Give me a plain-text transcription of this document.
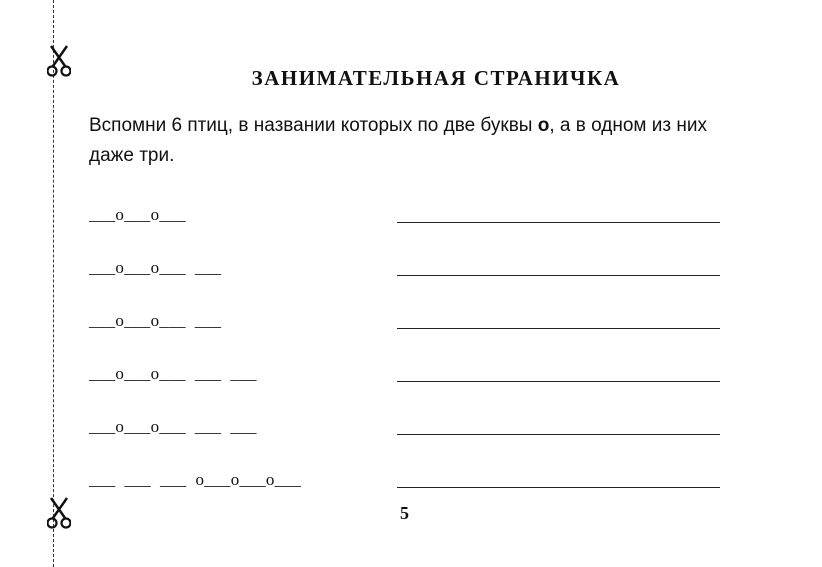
ЗАНИМАТЕЛЬНАЯ СТРАНИЧКА
Вспомни 6 птиц, в названии которых по две буквы о, а в одном из них даже три.
___о___о___
___о___о___  ___
___о___о___  ___
___о___о___  ___  ___
___о___о___  ___  ___
___  ___  ___  о___о___о___
5
